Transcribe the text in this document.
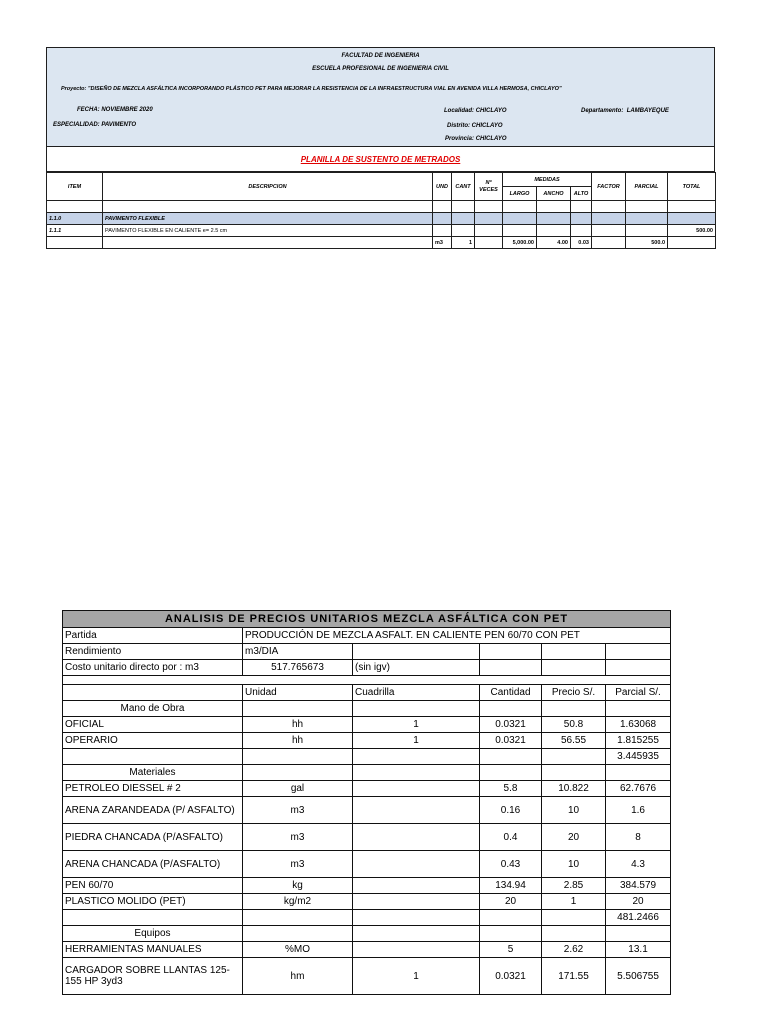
FACULTAD DE INGENIERIA
ESCUELA PROFESIONAL DE INGENIERIA CIVIL
Proyecto: "DISEÑO DE MEZCLA ASFÁLTICA INCORPORANDO PLÁSTICO PET PARA MEJORAR LA RESISTENCIA DE LA INFRAESTRUCTURA VIAL EN AVENIDA VILLA HERMOSA, CHICLAYO"
FECHA: NOVIEMBRE 2020
ESPECIALIDAD: PAVIMENTO
Localidad: CHICLAYO
Distrito: CHICLAYO
Provincia: CHICLAYO
Departamento: LAMBAYEQUE
PLANILLA DE SUSTENTO DE METRADOS
ITEM	DESCRIPCION	UND	CANT	Nº VECES	MEDIDAS			FACTOR	PARCIAL	TOTAL
					LARGO	ANCHO	ALTO			

1.1.0	PAVIMENTO FLEXIBLE									
1.1.1	PAVIMENTO FLEXIBLE EN CALIENTE e= 2.5 cm									500.00
		m3	1		5,000.00	4.00	0.03		500.0	
ANALISIS DE PRECIOS UNITARIOS MEZCLA ASFÁLTICA CON PET					
Partida	PRODUCCIÓN DE MEZCLA ASFALT. EN CALIENTE PEN 60/70 CON PET				
Rendimiento	m3/DIA				
Costo unitario directo por : m3	517.765673	(sin igv)			

	Unidad	Cuadrilla	Cantidad	Precio S/.	Parcial S/.
Mano de Obra					
OFICIAL	hh	1	0.0321	50.8	1.63068
OPERARIO	hh	1	0.0321	56.55	1.815255
					3.445935
Materiales					
PETROLEO DIESSEL # 2	gal		5.8	10.822	62.7676
ARENA ZARANDEADA (P/ ASFALTO)	m3		0.16	10	1.6
PIEDRA CHANCADA (P/ASFALTO)	m3		0.4	20	8
ARENA CHANCADA (P/ASFALTO)	m3		0.43	10	4.3
PEN 60/70	kg		134.94	2.85	384.579
PLASTICO MOLIDO (PET)	kg/m2		20	1	20
					481.2466
Equipos					
HERRAMIENTAS MANUALES	%MO		5	2.62	13.1
CARGADOR SOBRE LLANTAS 125-155 HP 3yd3	hm	1	0.0321	171.55	5.506755
